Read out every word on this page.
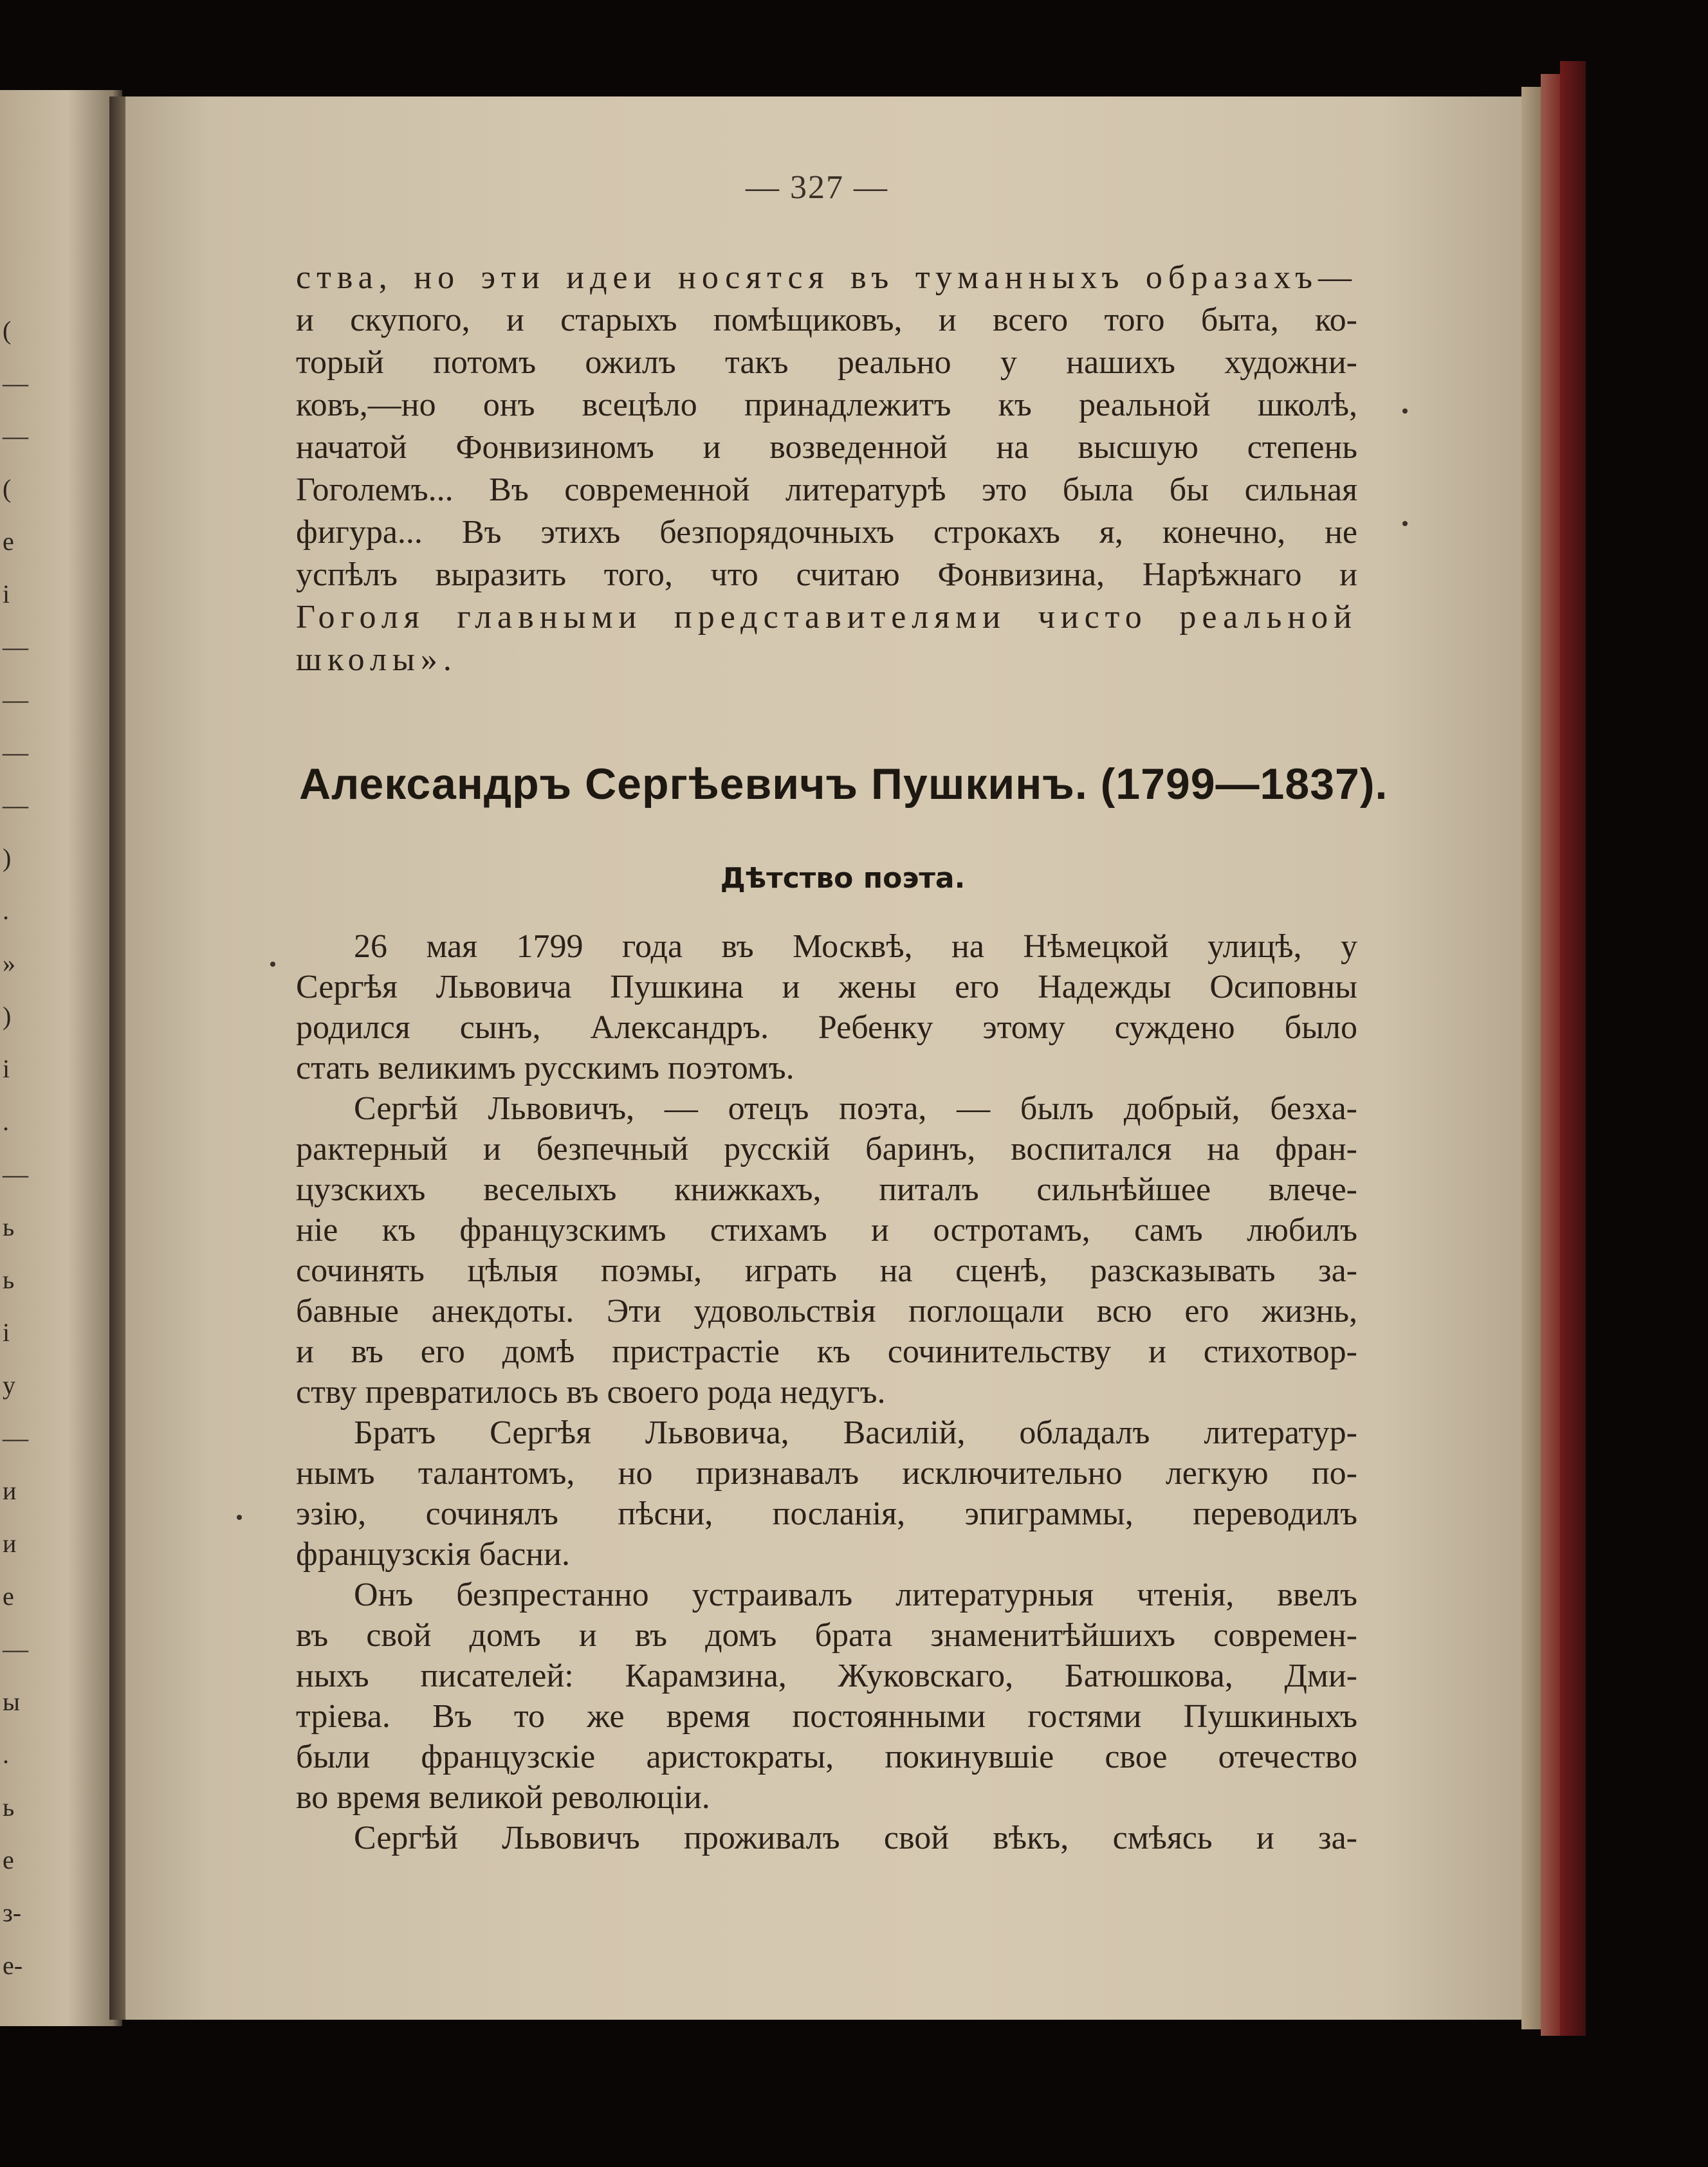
(
—
—
(
е
і
—
—
—
—
)
.
»
)
і
.
—
ь
ь
і
у
—
и
и
е
—
ы
.
ь
е
з-
е-
— 327 —

ства, но эти идеи носятся въ туманныхъ образахъ—

и скупого, и старыхъ помѣщиковъ, и всего того быта, ко-

торый потомъ ожилъ такъ реально у нашихъ художни-

ковъ,—но онъ всецѣло принадлежитъ къ реальной школѣ,

начатой Фонвизиномъ и возведенной на высшую степень

Гоголемъ... Въ современной литературѣ это была бы сильная

фигура... Въ этихъ безпорядочныхъ строкахъ я, конечно, не

успѣлъ выразить того, что считаю Фонвизина, Нарѣжнаго и

Гоголя главными представителями чисто реальной

школы».

Александръ Сергѣевичъ Пушкинъ. (1799—1837).
Дѣтство поэта.

26 мая 1799 года въ Москвѣ, на Нѣмецкой улицѣ, у

Сергѣя Львовича Пушкина и жены его Надежды Осиповны

родился сынъ, Александръ. Ребенку этому суждено было

стать великимъ русскимъ поэтомъ.

Сергѣй Львовичъ, — отецъ поэта, — былъ добрый, безха-

рактерный и безпечный русскій баринъ, воспитался на фран-

цузскихъ веселыхъ книжкахъ, питалъ сильнѣйшее влече-

ніе къ французскимъ стихамъ и остротамъ, самъ любилъ

сочинять цѣлыя поэмы, играть на сценѣ, разсказывать за-

бавные анекдоты. Эти удовольствія поглощали всю его жизнь,

и въ его домѣ пристрастіе къ сочинительству и стихотвор-

ству превратилось въ своего рода недугъ.

Братъ Сергѣя Львовича, Василій, обладалъ литератур-

нымъ талантомъ, но признавалъ исключительно легкую по-

эзію, сочинялъ пѣсни, посланія, эпиграммы, переводилъ

французскія басни.

Онъ безпрестанно устраивалъ литературныя чтенія, ввелъ

въ свой домъ и въ домъ брата знаменитѣйшихъ современ-

ныхъ писателей: Карамзина, Жуковскаго, Батюшкова, Дми-

тріева. Въ то же время постоянными гостями Пушкиныхъ

были французскіе аристократы, покинувшіе свое отечество

во время великой революціи.

Сергѣй Львовичъ проживалъ свой вѣкъ, смѣясь и за-
